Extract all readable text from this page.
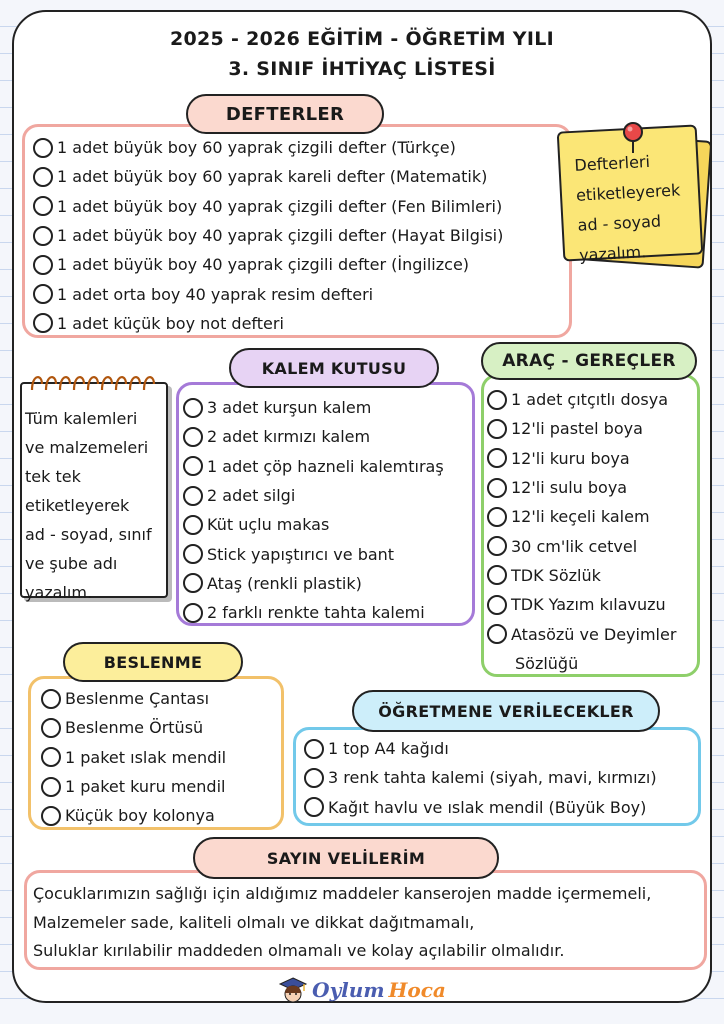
2025 - 2026 EĞİTİM - ÖĞRETİM YILI
3. SINIF İHTİYAÇ LİSTESİ
1 adet büyük boy 60 yaprak çizgili defter (Türkçe)
1 adet büyük boy 60 yaprak kareli defter (Matematik)
1 adet büyük boy 40 yaprak çizgili defter (Fen Bilimleri)
1 adet büyük boy 40 yaprak çizgili defter (Hayat Bilgisi)
1 adet büyük boy 40 yaprak çizgili defter (İngilizce)
1 adet orta boy 40 yaprak resim defteri
1 adet küçük boy not defteri
DEFTERLER
Defterleri
etiketleyerek
ad - soyad
yazalım.
Tüm kalemleri
ve malzemeleri
tek tek
etiketleyerek
ad - soyad, sınıf
ve şube adı
yazalım.
3 adet kurşun kalem
2 adet kırmızı kalem
1 adet çöp hazneli kalemtıraş
2 adet silgi
Küt uçlu makas
Stick yapıştırıcı ve bant
Ataş (renkli plastik)
2 farklı renkte tahta kalemi
KALEM KUTUSU
1 adet çıtçıtlı dosya
12'li pastel boya
12'li kuru boya
12'li sulu boya
12'li keçeli kalem
30 cm'lik cetvel
TDK Sözlük
TDK Yazım kılavuzu
Atasözü ve Deyimler
Sözlüğü
ARAÇ - GEREÇLER
Beslenme Çantası
Beslenme Örtüsü
1 paket ıslak mendil
1 paket kuru mendil
Küçük boy kolonya
BESLENME
1 top A4 kağıdı
3 renk tahta kalemi (siyah, mavi, kırmızı)
Kağıt havlu ve ıslak mendil (Büyük Boy)
ÖĞRETMENE VERİLECEKLER
Çocuklarımızın sağlığı için aldığımız maddeler kanserojen madde içermemeli,
Malzemeler sade, kaliteli olmalı ve dikkat dağıtmamalı,
Suluklar kırılabilir maddeden olmamalı ve kolay açılabilir olmalıdır.
SAYIN VELİLERİM
Oylum Hoca
